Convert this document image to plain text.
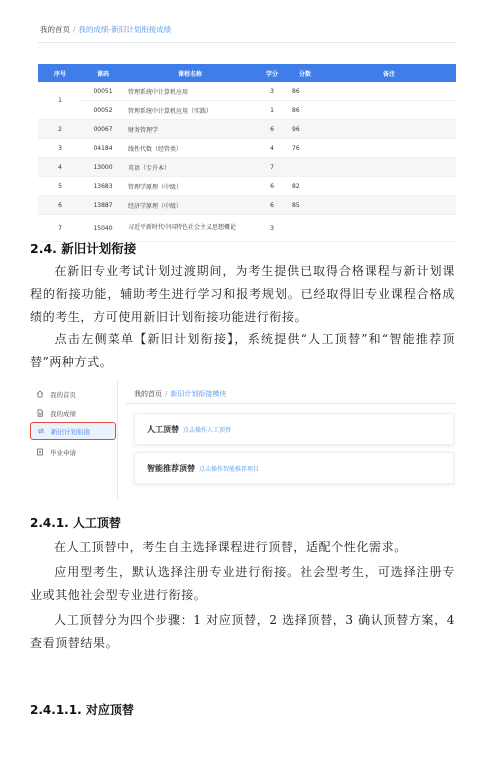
我的首页 / 我的成绩-新旧计划衔接成绩
序号	课码	课程名称	学分	分数	备注
1	00051	管理系统中计算机应用	3	86	
	00052	管理系统中计算机应用（实践）	1	86	
2	00067	财务管理学	6	96	
3	04184	线性代数（经管类）	4	76	
4	13000	英语（专升本）	7		
5	13683	管理学原理（中级）	6	82	
6	13887	经济学原理（中级）	6	85	
7	15040	习近平新时代中国特色社会主义思想概论	3		
2.4. 新旧计划衔接

在新旧专业考试计划过渡期间，为考生提供已取得合格课程与新计划课程的衔接功能，辅助考生进行学习和报考规划。已经取得旧专业课程合格成绩的考生，方可使用新旧计划衔接功能进行衔接。

点击左侧菜单【新旧计划衔接】，系统提供“人工顶替”和“智能推荐顶替”两种方式。

我的首页
我的成绩
新旧计划衔接
毕业申请
我的首页 / 新旧计划衔接模块
人工顶替 点击操作人工顶替
智能推荐顶替 点击操作智能推荐项目
2.4.1. 人工顶替

在人工顶替中，考生自主选择课程进行顶替，适配个性化需求。

应用型考生，默认选择注册专业进行衔接。社会型考生，可选择注册专业或其他社会型专业进行衔接。

人工顶替分为四个步骤：1 对应顶替，2 选择顶替，3 确认顶替方案，4 查看顶替结果。

2.4.1.1. 对应顶替
